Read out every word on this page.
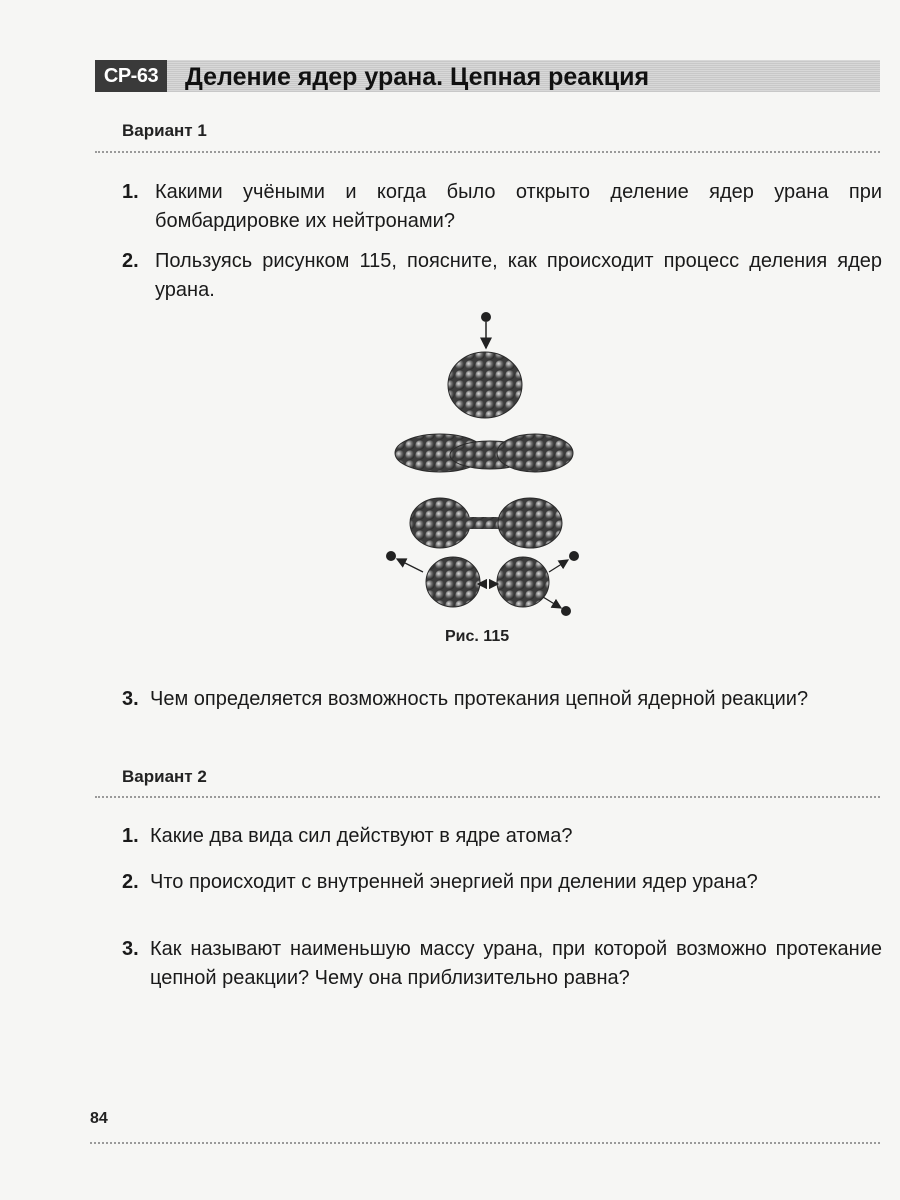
СР-63	Деление ядер урана. Цепная реакция
Вариант 1
1. Какими учёными и когда было открыто деление ядер урана при бомбардировке их нейтронами?
2. Пользуясь рисунком 115, поясните, как происходит процесс деления ядер урана.
Рис. 115
3. Чем определяется возможность протекания цепной ядерной реакции?
Вариант 2
1. Какие два вида сил действуют в ядре атома?
2. Что происходит с внутренней энергией при делении ядер урана?
3. Как называют наименьшую массу урана, при которой возможно протекание цепной реакции? Чему она приблизительно равна?
84
